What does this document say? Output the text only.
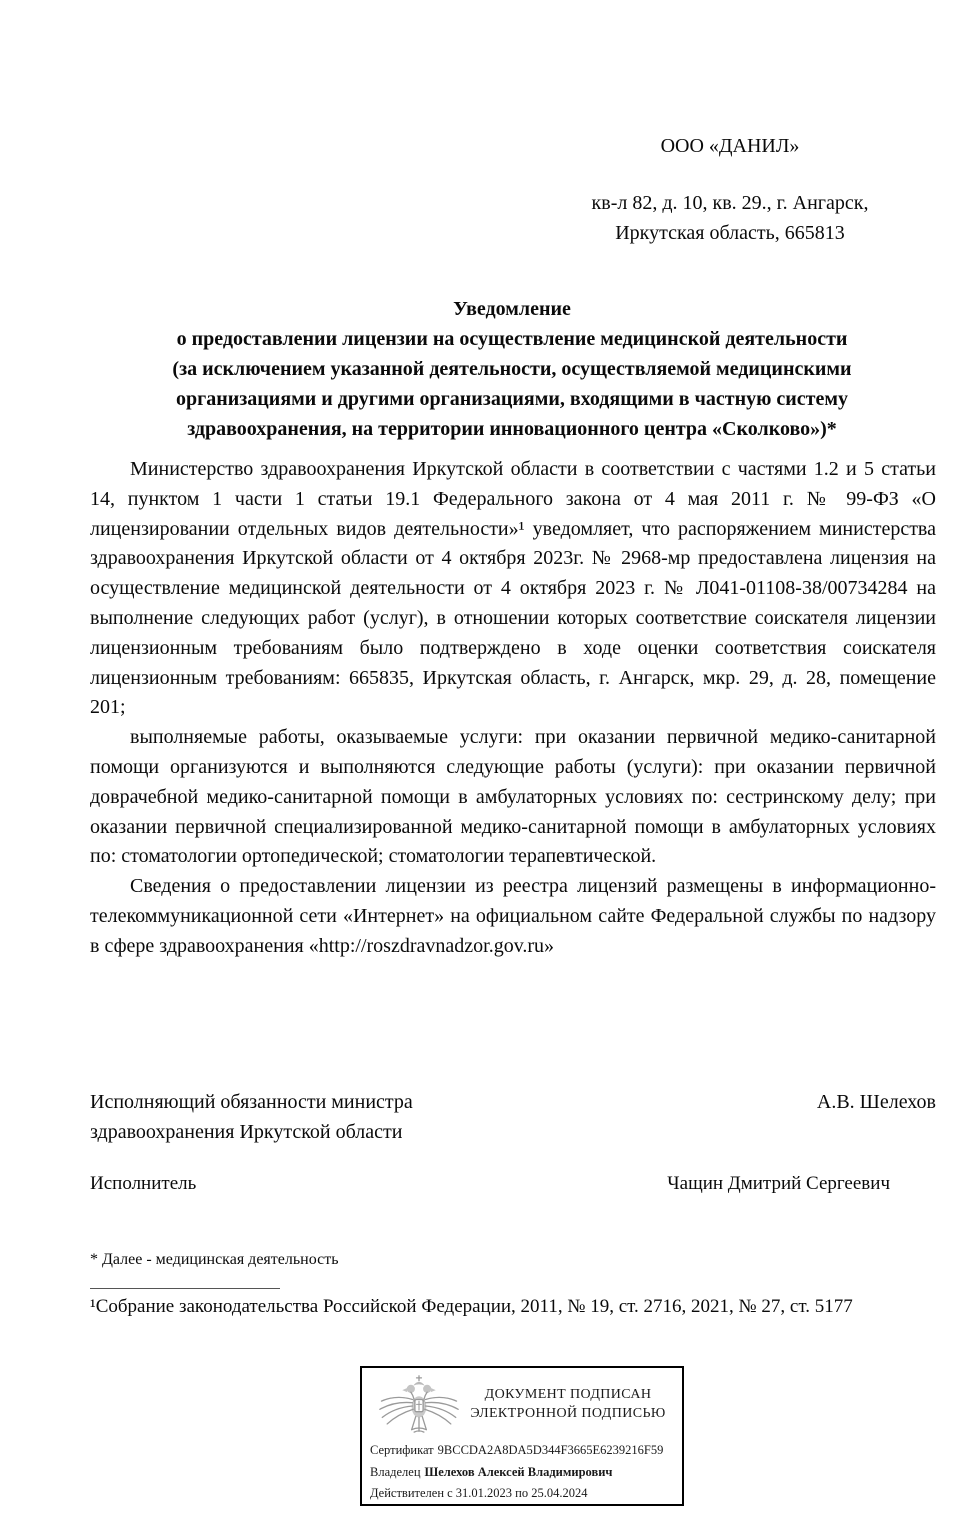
ООО «ДАНИЛ»
кв-л 82, д. 10, кв. 29., г. Ангарск,
Иркутская область, 665813
Уведомление
о предоставлении лицензии на осуществление медицинской деятельности
(за исключением указанной деятельности, осуществляемой медицинскими
организациями и другими организациями, входящими в частную систему
здравоохранения, на территории инновационного центра «Сколково»)*

Министерство здравоохранения Иркутской области в соответствии с частями 1.2 и 5 статьи 14, пунктом 1 части 1 статьи 19.1 Федерального закона от 4 мая 2011 г. № 99-ФЗ «О лицензировании отдельных видов деятельности»¹ уведомляет, что распоряжением министерства здравоохранения Иркутской области от 4 октября 2023г. № 2968-мр предоставлена лицензия на осуществление медицинской деятельности от 4 октября 2023 г. № Л041-01108-38/00734284 на выполнение следующих работ (услуг), в отношении которых соответствие соискателя лицензии лицензионным требованиям было подтверждено в ходе оценки соответствия соискателя лицензионным требованиям: 665835, Иркутская область, г. Ангарск, мкр. 29, д. 28, помещение 201;

выполняемые работы, оказываемые услуги: при оказании первичной медико-санитарной помощи организуются и выполняются следующие работы (услуги): при оказании первичной доврачебной медико-санитарной помощи в амбулаторных условиях по: сестринскому делу; при оказании первичной специализированной медико-санитарной помощи в амбулаторных условиях по: стоматологии ортопедической; стоматологии терапевтической.

Сведения о предоставлении лицензии из реестра лицензий размещены в информационно- телекоммуникационной сети «Интернет» на официальном сайте Федеральной службы по надзору в сфере здравоохранения «http://roszdravnadzor.gov.ru»

Исполняющий обязанности министра
здравоохранения Иркутской области
А.В. Шелехов
Исполнитель	Чащин Дмитрий Сергеевич
* Далее - медицинская деятельность
¹Собрание законодательства Российской Федерации, 2011, № 19, ст. 2716, 2021, № 27, ст. 5177
ДОКУМЕНТ ПОДПИСАН
ЭЛЕКТРОННОЙ ПОДПИСЬЮ
Сертификат 9BCCDA2A8DA5D344F3665E6239216F59
Владелец Шелехов Алексей Владимирович
Действителен с 31.01.2023 по 25.04.2024
